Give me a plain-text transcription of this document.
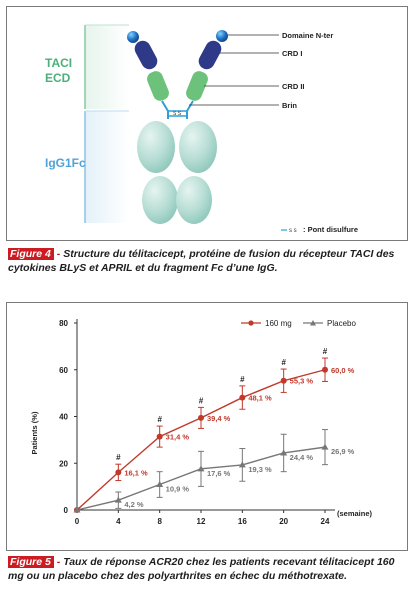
TACI
ECD
IgG1Fc
S S
Domaine N-ter
CRD I
CRD II
Brin
s s : Pont disulfure
Figure 4 - Structure du télitacicept, protéine de fusion du récepteur TACI des cytokines BLyS et APRIL et du fragment Fc d’une IgG.
0
20
40
60
80
0	4	8	12	16	20	24
16,1 %
#
31,4 %
#	39,4 %
#	48,1 %
#	55,3 %
#
60,0 %
#
4,2 %
10,9 %
17,6 % 19,3 %
24,4 %
26,9 %
Patients (%)
(semaine)
160 mg	Placebo
Figure 5 - Taux de réponse ACR20 chez les patients recevant télitacicept 160 mg ou un placebo chez des polyarthrites en échec du méthotrexate.
